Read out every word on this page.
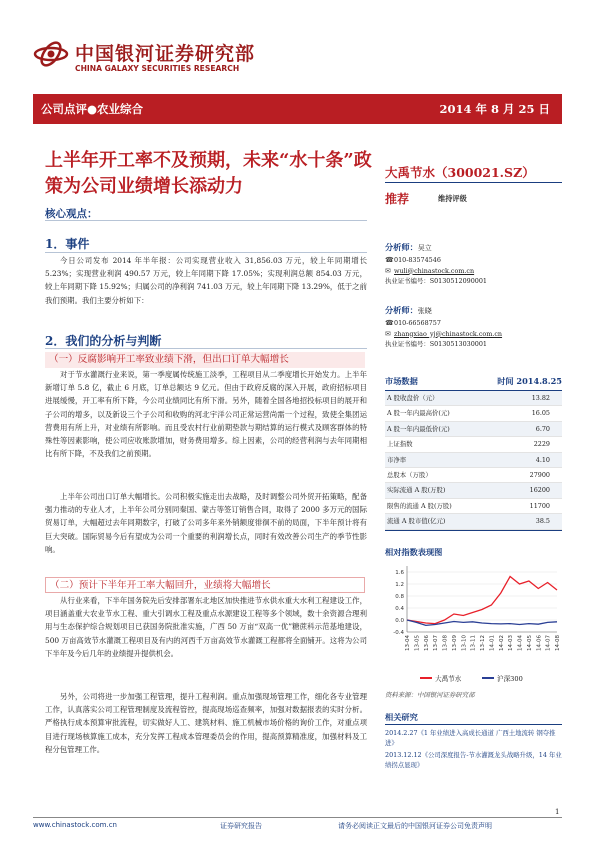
中国银河证券研究部
CHINA GALAXY SECURITIES RESEARCH
公司点评●农业综合	2014 年 8 月 25 日
上半年开工率不及预期，未来“水十条”政策为公司业绩增长添动力
核心观点：
1．事件
今日公司发布 2014 年半年报：公司实现营业收入 31,856.03 万元，较上年同期增长 5.23%；实现营业利润 490.57 万元，较上年同期下降 17.05%；实现利润总额 854.03 万元，较上年同期下降 15.92%；归属公司的净利润 741.03 万元，较上年同期下降 13.29%，低于之前我们预期。我们主要分析如下：
2．我们的分析与判断
（一）反腐影响开工率致业绩下滑，但出口订单大幅增长
对于节水灌溉行业来说，第一季度属传统施工淡季，工程项目从二季度增长开始发力。上半年新增订单 5.8 亿，截止 6 月底，订单总额达 9 亿元。但由于政府反腐的深入开展，政府招标项目进展缓慢，开工率有所下降，今公司业绩同比有所下滑。另外，随着全国各地招投标项目的展开和子公司的增多，以及新设三个子公司和收购的河北宇洋公司正常运营尚需一个过程，致使全集团运营费用有所上升，对业绩有所影响。而且受农村行业前期垫款与期结算的运行模式及顾客群体的特殊性等因素影响，使公司应收账款增加，财务费用增多。综上因素，公司的经营利润与去年同期相比有所下降，不及我们之前预期。
上半年公司出口订单大幅增长。公司积极实施走出去战略，及时调整公司外贸开拓策略，配备强力推动的专业人才，上半年公司分别同秦国、蒙古等签订销售合同，取得了 2000 多万元的国际贸易订单，大幅超过去年同期数字，打破了公司多年来外销额度徘徊不前的局面，下半年预计将有巨大突破。国际贸易今后有望成为公司一个重要的利润增长点，同时有效改善公司生产的季节性影响。
（二）预计下半年开工率大幅回升，业绩将大幅增长
从行业来看，下半年国务院先后安排部署东北地区加快推进节水供水重大水利工程建设工作，项目涵盖重大农业节水工程、重大引调水工程及重点水源建设工程等多个领域，数十余资源合理利用与生态保护综合规划项目已获国务院批准实施，广西 50 万亩“双高一优”糖蔗科示范基地建设，500 万亩高效节水灌溉工程项目及有内的河西千万亩高效节水灌溉工程都将全面铺开。这将为公司下半年及今后几年的业绩提升提供机会。
另外，公司将进一步加强工程管理，提升工程利润。重点加强现场管理工作，细化各专业管理工作，认真落实公司工程管理制度及流程管控，提高现场巡查频率，加强对数据报表的实时分析。严格执行成本预算审批流程，切实做好人工、建筑材料、施工机械市场价格的询价工作，对重点项目进行现场核算施工成本，充分发挥工程成本管理委员会的作用，提高预算精准度，加强材料及工程分包管理工作。
大禹节水（300021.SZ）
推荐	维持评级
分析师：吴立
☎ 010-83574546
✉ wuli@chinastock.com.cn
执业证书编号：S0130512090001
分析师：张晓
☎ 010-66568757
✉ zhangxiao_yj@chinastock.com.cn
执业证书编号：S0130513030001
市场数据	时间 2014.8.25
A 股收盘价（元）	13.82
A 股一年内最高价(元)	16.05
A 股一年内最低价(元)	6.70
上证指数	2229
市净率	4.10
总股本（万股）	27900
实际流通 A 股(万股)	16200
限售的流通 A 股(万股)	11700
流通 A 股市值(亿元)	38.5
相对指数表现图
1.6
1.2
0.8
0.4
0.0
-0.4
13-04 13-05 13-06 13-07 13-08 13-09 13-10 13-11 13-12 14-01 14-02 14-03 14-04 14-05 14-06 14-07 14-08
大禹节水	沪深300
资料来源：中国银河证券研究部
相关研究
2014.2.27《1 年业绩进入高成长通道 广西土地流转 钢夺推进》
2013.12.12《公司深度报告-节水灌溉龙头战略升级，14 年业绩拐点显现》
1
www.chinastock.com.cn	证券研究报告	请务必阅读正文最后的中国银河证券公司免责声明
